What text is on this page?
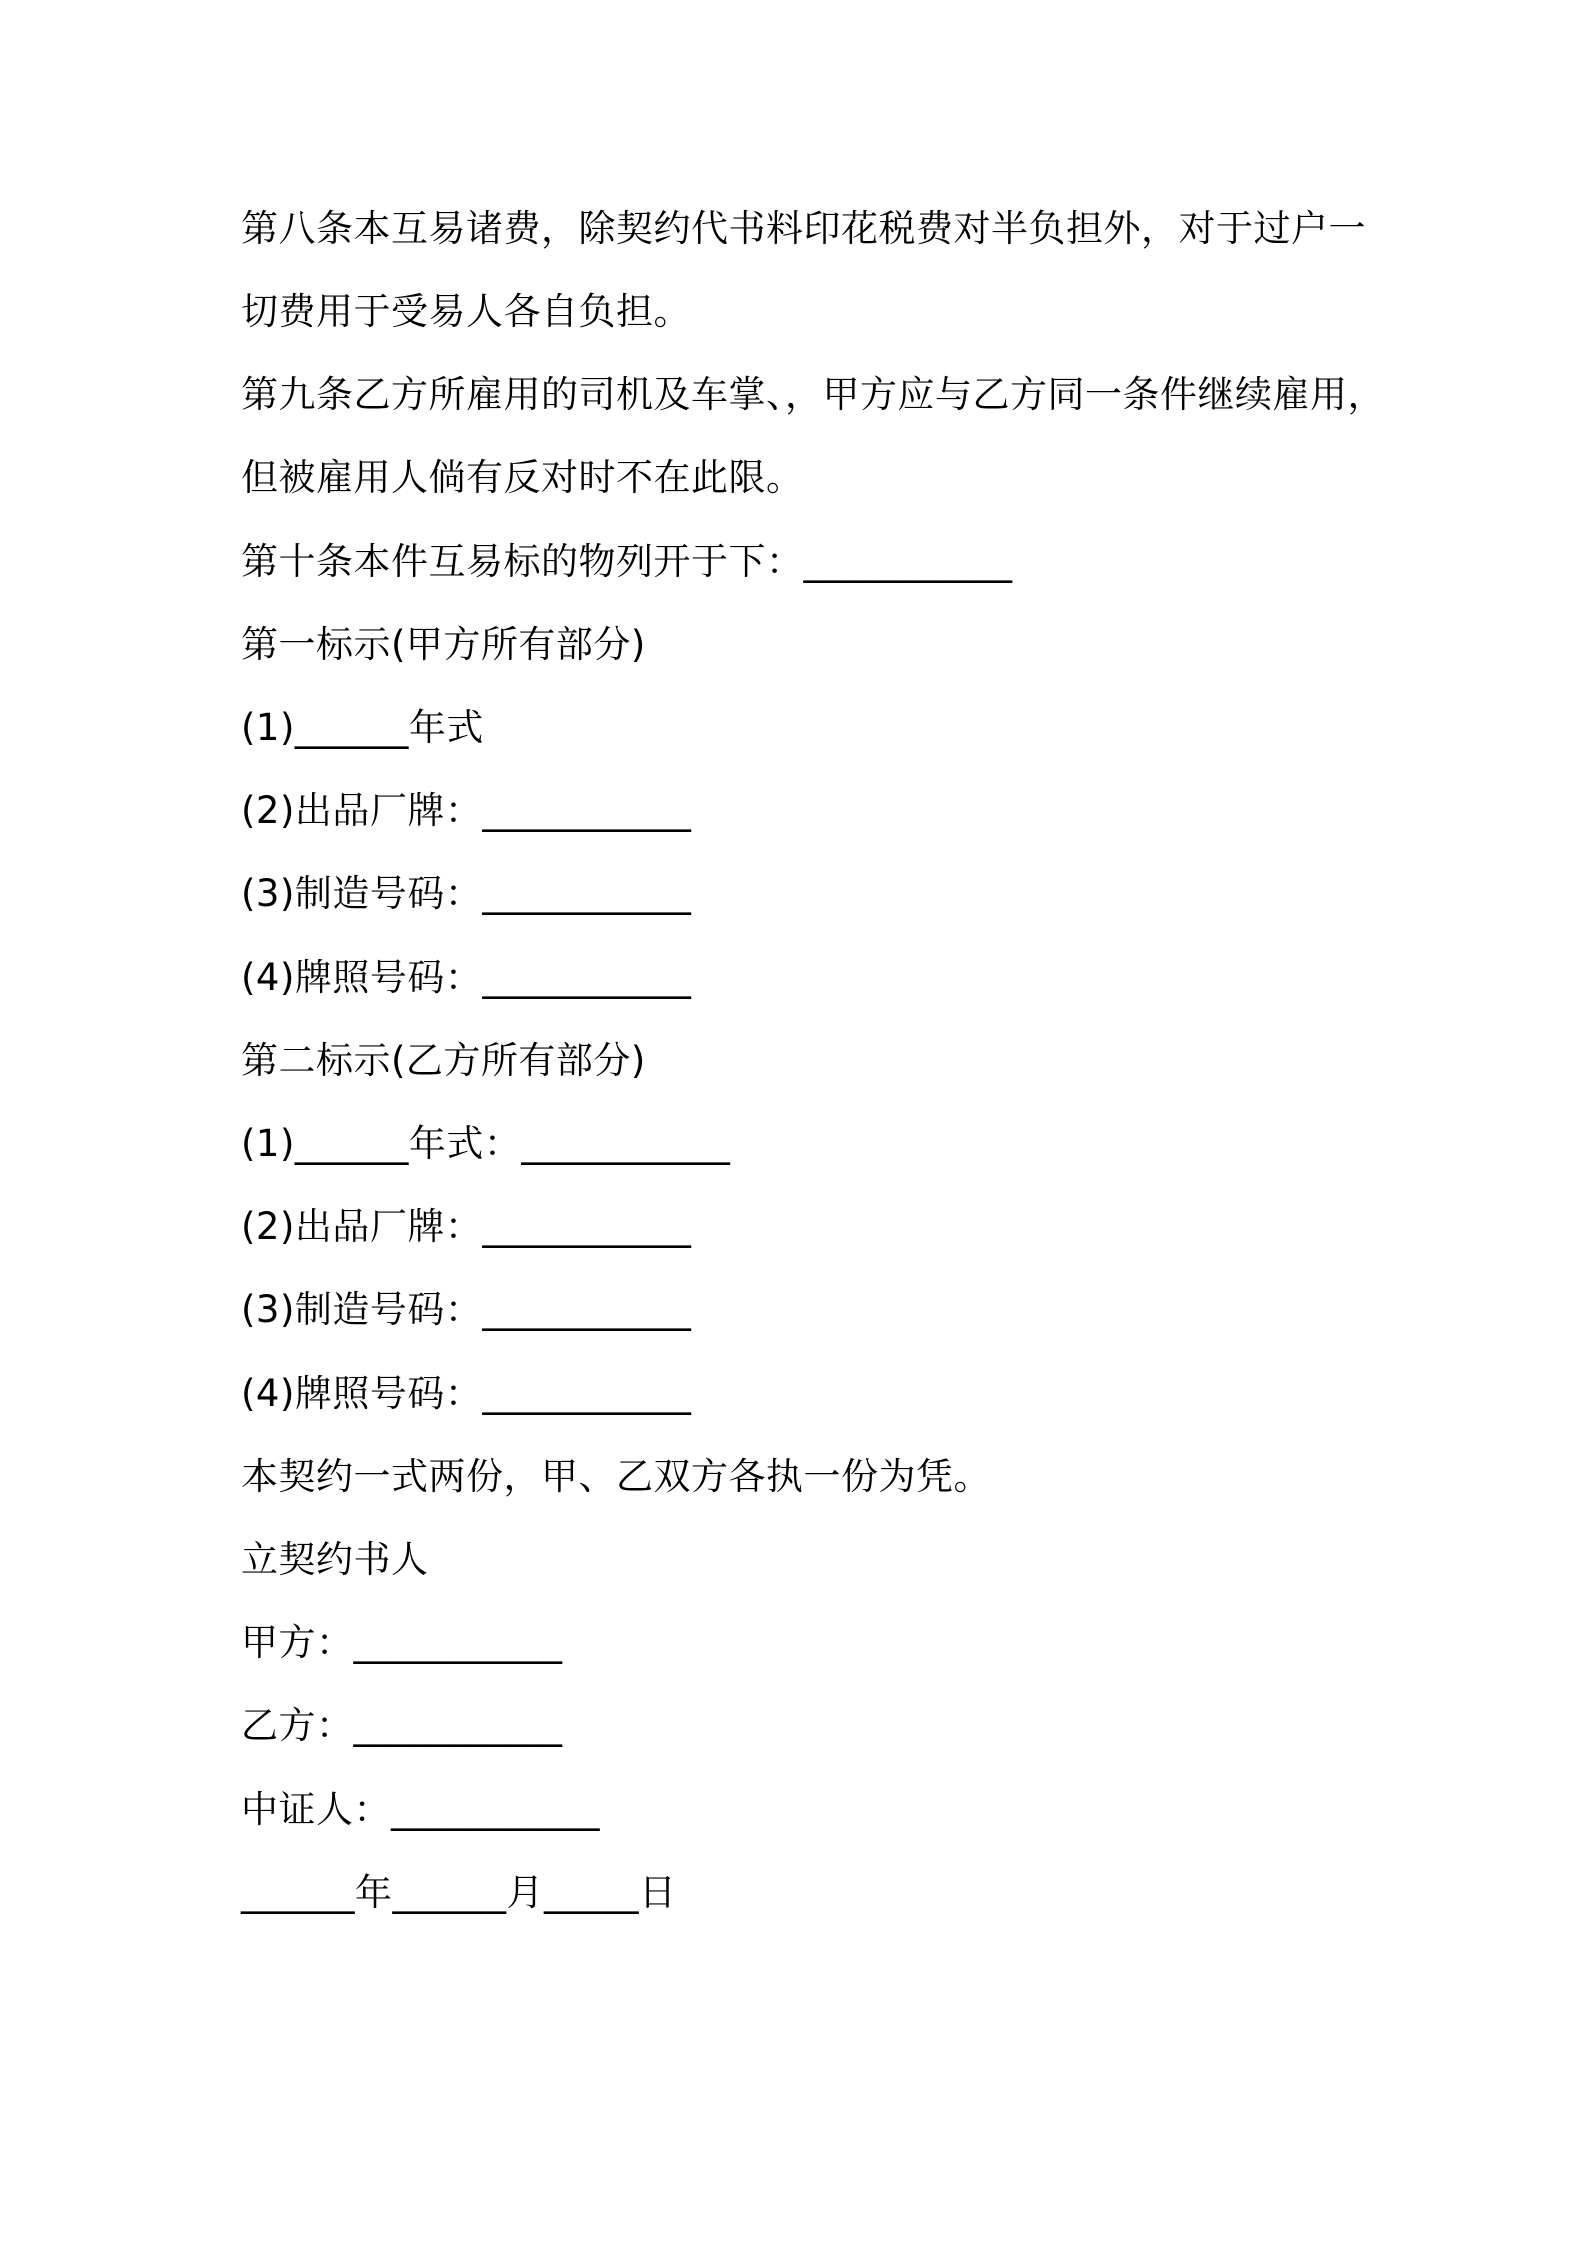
第八条本互易诸费，除契约代书料印花税费对半负担外，对于过户一
切费用于受易人各自负担。
第九条乙方所雇用的司机及车掌、，甲方应与乙方同一条件继续雇用，
但被雇用人倘有反对时不在此限。
第十条本件互易标的物列开于下：___________
第一标示(甲方所有部分)
(1)______年式
(2)出品厂牌：___________
(3)制造号码：___________
(4)牌照号码：___________
第二标示(乙方所有部分)
(1)______年式：___________
(2)出品厂牌：___________
(3)制造号码：___________
(4)牌照号码：___________
本契约一式两份，甲、乙双方各执一份为凭。
立契约书人
甲方：___________
乙方：___________
中证人：___________
______年______月_____日
